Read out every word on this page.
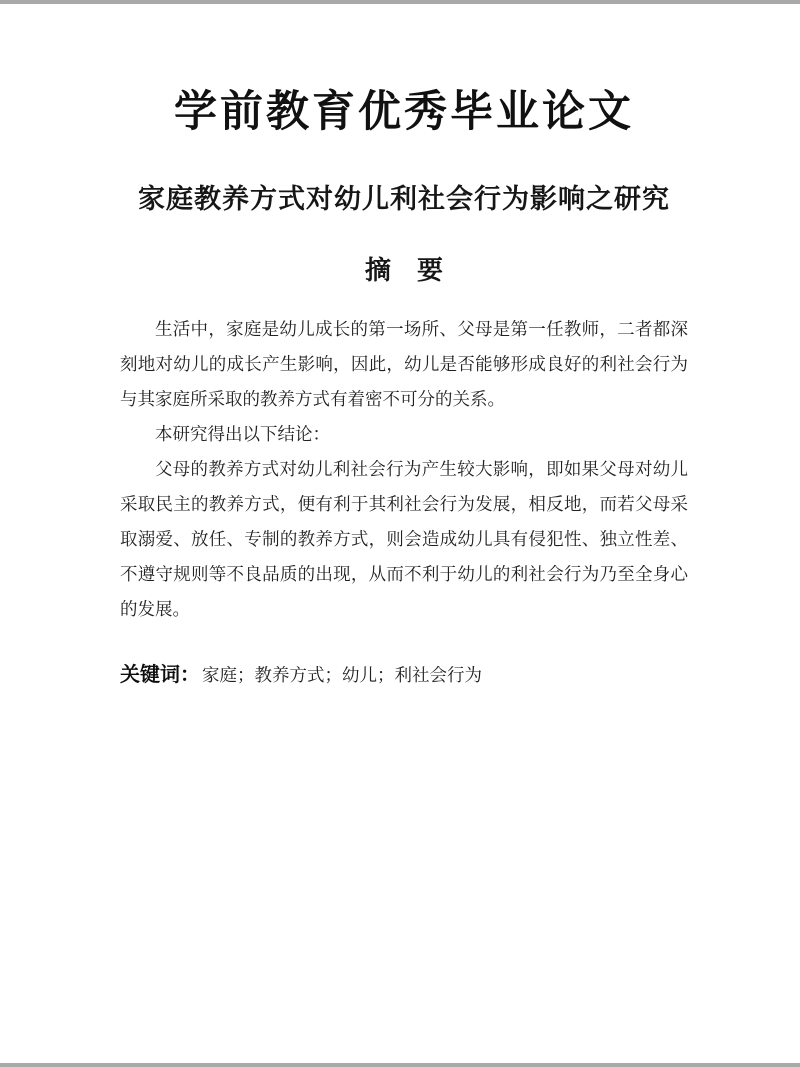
学前教育优秀毕业论文
家庭教养方式对幼儿利社会行为影响之研究
摘　要

生活中，家庭是幼儿成长的第一场所、父母是第一任教师，二者都深刻地对幼儿的成长产生影响，因此，幼儿是否能够形成良好的利社会行为与其家庭所采取的教养方式有着密不可分的关系。

本研究得出以下结论：

父母的教养方式对幼儿利社会行为产生较大影响，即如果父母对幼儿采取民主的教养方式，便有利于其利社会行为发展，相反地，而若父母采取溺爱、放任、专制的教养方式，则会造成幼儿具有侵犯性、独立性差、不遵守规则等不良品质的出现，从而不利于幼儿的利社会行为乃至全身心的发展。

关键词： 家庭；教养方式；幼儿；利社会行为
